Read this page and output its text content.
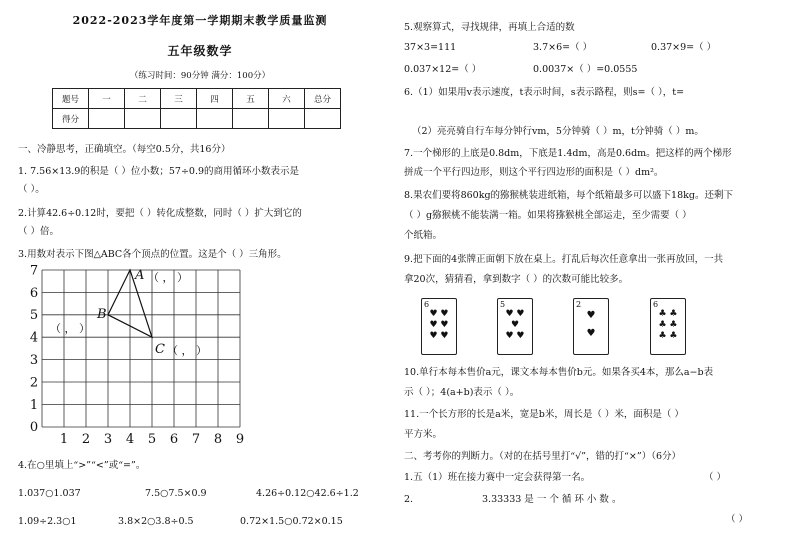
2022-2023学年度第一学期期末教学质量监测
五年级数学
（练习时间：90分钟 满分：100分）
题号	一	二	三	四	五	六	总分
得分							
一、冷静思考，正确填空。（每空0.5分，共16分）
1. 7.56×13.9的积是（ ）位小数；57÷0.9的商用循环小数表示是
（ ）。
2.计算42.6÷0.12时，要把（ ）转化成整数，同时（ ）扩大到它的
（ ）倍。
3.用数对表示下图△ABC各个顶点的位置。这是个（ ）三角形。
0
1
2
3
4
5
6
7
1 2 3 4 5 6 7 8 9
A
B
C
（ ， ）
（ ， ）
（ ， ）
4.在○里填上“>”“<”或“=”。
1.037○1.037	7.5○7.5×0.9	4.26÷0.12○42.6÷1.2
1.09÷2.3○1	3.8×2○3.8÷0.5	0.72×1.5○0.72×0.15
5.观察算式，寻找规律，再填上合适的数
37×3=111	3.7×6=（ ）	0.37×9=（ ）
0.037×12=（ ）	0.0037×（ ）=0.0555
6.（1）如果用v表示速度，t表示时间，s表示路程，则s=（ ），t=
（2）亮亮骑自行车每分钟行vm，5分钟骑（ ）m，t分钟骑（ ）m。
7.一个梯形的上底是0.8dm，下底是1.4dm，高是0.6dm。把这样的两个梯形
拼成一个平行四边形，则这个平行四边形的面积是（ ）dm²。
8.果农们要将860kg的猕猴桃装进纸箱，每个纸箱最多可以盛下18kg。还剩下
（ ）g猕猴桃不能装满一箱。如果将猕猴桃全部运走，至少需要（ ）
个纸箱。
9.把下面的4张牌正面朝下放在桌上。打乱后每次任意拿出一张再放回，一共
拿20次，猜猜看，拿到数字（ ）的次数可能比较多。
6
♥ ♥
♥ ♥
♥ ♥
5
♥ ♥
♥
♥ ♥
2
♥
♥
6
♣ ♣
♣ ♣
♣ ♣
10.单行本每本售价a元，课文本每本售价b元。如果各买4本，那么a−b表
示（ ）；4(a+b)表示（ ）。
11.一个长方形的长是a米，宽是b米，周长是（ ）米，面积是（ ）
平方米。
二、考考你的判断力。（对的在括号里打“√”，错的打“×”）（6分）
1.五（1）班在接力赛中一定会获得第一名。	（ ）
2.	3.33333 是 一 个 循 环 小 数 。
（ ）
